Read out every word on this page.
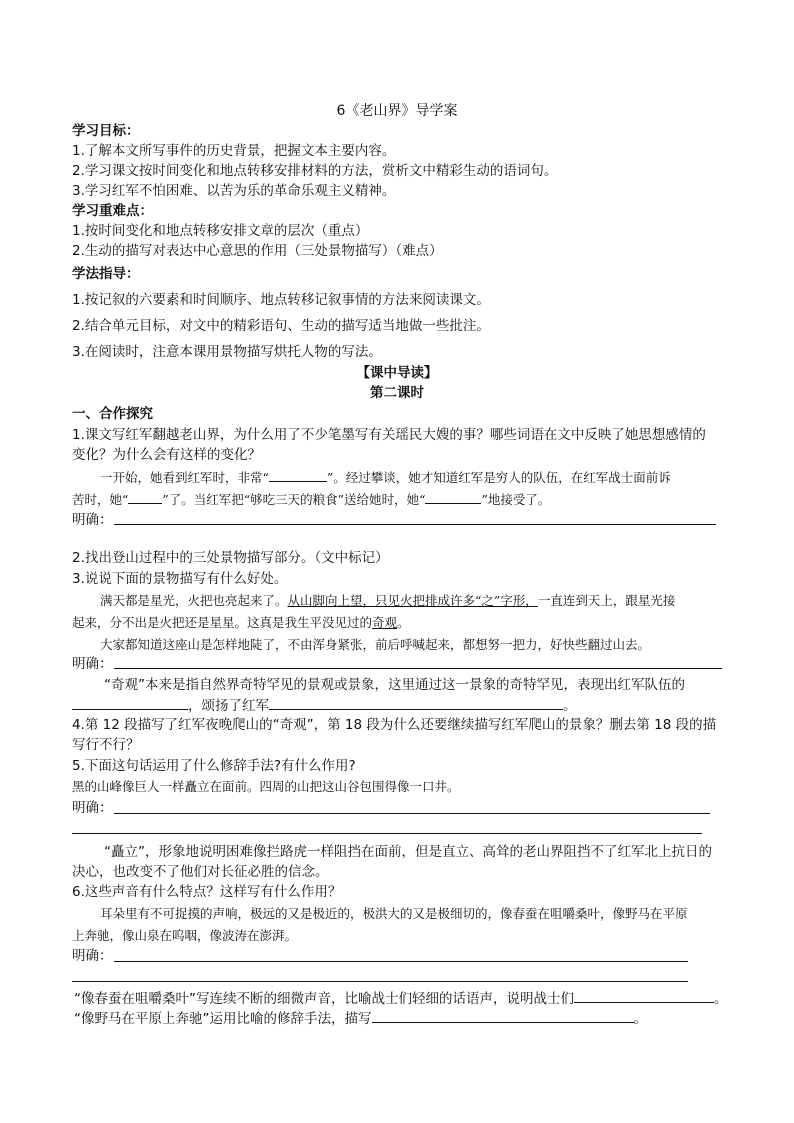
6《老山界》导学案
学习目标：
1.了解本文所写事件的历史背景，把握文本主要内容。
2.学习课文按时间变化和地点转移安排材料的方法，赏析文中精彩生动的语词句。
3.学习红军不怕困难、以苦为乐的革命乐观主义精神。
学习重难点：
1.按时间变化和地点转移安排文章的层次（重点）
2.生动的描写对表达中心意思的作用（三处景物描写）（难点）
学法指导：
1.按记叙的六要素和时间顺序、地点转移记叙事情的方法来阅读课文。
2.结合单元目标，对文中的精彩语句、生动的描写适当地做一些批注。
3.在阅读时，注意本课用景物描写烘托人物的写法。
【课中导读】
第二课时
一、合作探究
1.课文写红军翻越老山界，为什么用了不少笔墨写有关瑶民大嫂的事？哪些词语在文中反映了她思想感情的
变化？为什么会有这样的变化？
一开始，她看到红军时，非常“	”。经过攀谈，她才知道红军是穷人的队伍，在红军战士面前诉
苦时，她“	”了。当红军把“够吃三天的粮食”送给她时，她“	”地接受了。
明确：
2.找出登山过程中的三处景物描写部分。（文中标记）
3.说说下面的景物描写有什么好处。
满天都是星光，火把也亮起来了。从山脚向上望，只见火把排成许多“之”字形，一直连到天上，跟星光接
起来，分不出是火把还是星星。这真是我生平没见过的奇观。
大家都知道这座山是怎样地陡了，不由浑身紧张，前后呼喊起来，都想努一把力，好快些翻过山去。
明确：
“奇观”本来是指自然界奇特罕见的景观或景象，这里通过这一景象的奇特罕见，表现出红军队伍的
，颂扬了红军	。
4.第 12 段描写了红军夜晚爬山的“奇观”，第 18 段为什么还要继续描写红军爬山的景象？删去第 18 段的描
写行不行？
5.下面这句话运用了什么修辞手法?有什么作用?
黑的山峰像巨人一样矗立在面前。四周的山把这山谷包围得像一口井。
明确：
“矗立”，形象地说明困难像拦路虎一样阻挡在面前，但是直立、高耸的老山界阻挡不了红军北上抗日的
决心，也改变不了他们对长征必胜的信念。
6.这些声音有什么特点？这样写有什么作用？
耳朵里有不可捉摸的声响，极远的又是极近的，极洪大的又是极细切的，像春蚕在咀嚼桑叶，像野马在平原
上奔驰，像山泉在呜咽，像波涛在澎湃。
明确：
“像春蚕在咀嚼桑叶”写连续不断的细微声音，比喻战士们轻细的话语声，说明战士们	。
“像野马在平原上奔驰”运用比喻的修辞手法，描写	。
